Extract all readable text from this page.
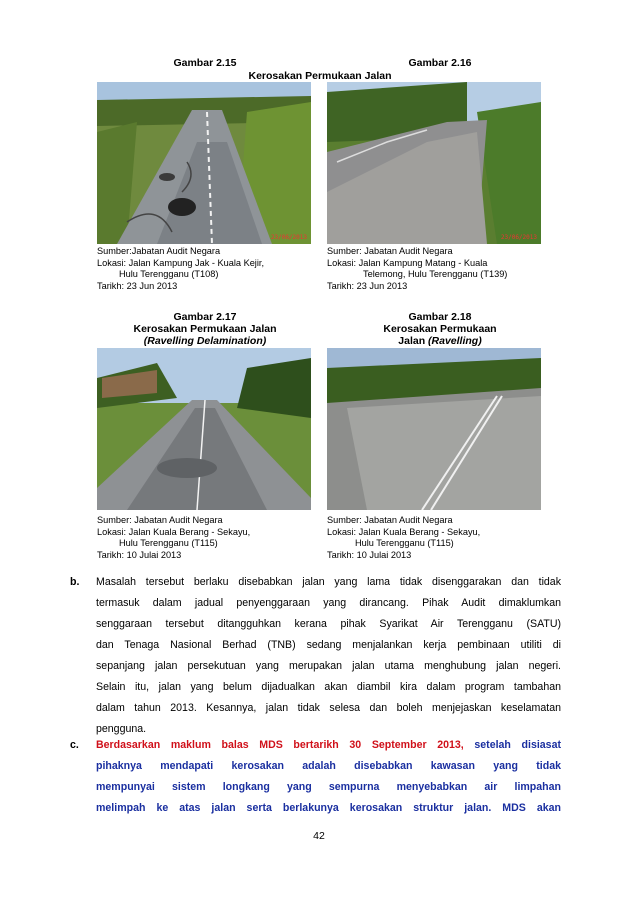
Gambar 2.15	Gambar 2.16
Kerosakan Permukaan Jalan
23/06/2013	23/06/2013
Sumber:Jabatan Audit Negara
Lokasi: Jalan Kampung Jak - Kuala Kejir,
Hulu Terengganu (T108)
Tarikh: 23 Jun 2013
Sumber: Jabatan Audit Negara
Lokasi: Jalan Kampung Matang - Kuala
Telemong, Hulu Terengganu (T139)
Tarikh: 23 Jun 2013
Gambar 2.17
Kerosakan Permukaan Jalan
(Ravelling Delamination)
Gambar 2.18
Kerosakan Permukaan
Jalan (Ravelling)
Sumber: Jabatan Audit Negara
Lokasi: Jalan Kuala Berang - Sekayu,
Hulu Terengganu (T115)
Tarikh: 10 Julai 2013
Sumber: Jabatan Audit Negara
Lokasi: Jalan Kuala Berang - Sekayu,
Hulu Terengganu (T115)
Tarikh: 10 Julai 2013
b. Masalah tersebut berlaku disebabkan jalan yang lama tidak disenggarakan dan tidak
termasuk dalam jadual penyenggaraan yang dirancang. Pihak Audit dimaklumkan
senggaraan tersebut ditangguhkan kerana pihak Syarikat Air Terengganu (SATU)
dan Tenaga Nasional Berhad (TNB) sedang menjalankan kerja pembinaan utiliti di
sepanjang jalan persekutuan yang merupakan jalan utama menghubung jalan negeri.
Selain itu, jalan yang belum dijadualkan akan diambil kira dalam program tambahan
dalam tahun 2013. Kesannya, jalan tidak selesa dan boleh menjejaskan keselamatan
pengguna.
c. Berdasarkan maklum balas MDS bertarikh 30 September 2013, setelah disiasat
pihaknya mendapati kerosakan adalah disebabkan kawasan yang tidak
mempunyai sistem longkang yang sempurna menyebabkan air limpahan
melimpah ke atas jalan serta berlakunya kerosakan struktur jalan. MDS akan
42
